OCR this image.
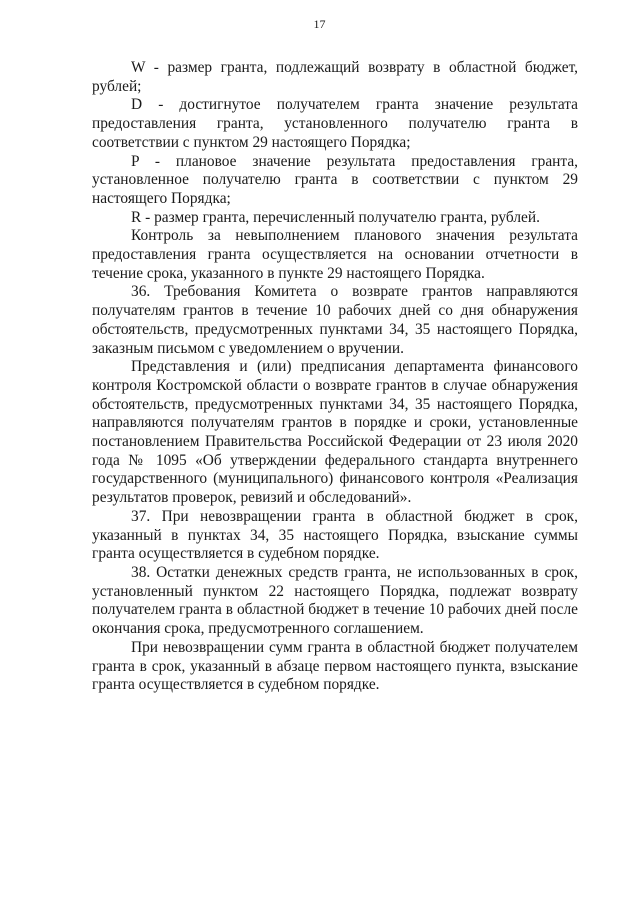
17

W - размер гранта, подлежащий возврату в областной бюджет, рублей;

D - достигнутое получателем гранта значение результата предоставления гранта, установленного получателю гранта в соответствии с пунктом 29 настоящего Порядка;

P - плановое значение результата предоставления гранта, установленное получателю гранта в соответствии с пунктом 29 настоящего Порядка;

R - размер гранта, перечисленный получателю гранта, рублей.

Контроль за невыполнением планового значения результата предоставления гранта осуществляется на основании отчетности в течение срока, указанного в пункте 29 настоящего Порядка.

36. Требования Комитета о возврате грантов направляются получателям грантов в течение 10 рабочих дней со дня обнаружения обстоятельств, предусмотренных пунктами 34, 35 настоящего Порядка, заказным письмом с уведомлением о вручении.

Представления и (или) предписания департамента финансового контроля Костромской области о возврате грантов в случае обнаружения обстоятельств, предусмотренных пунктами 34, 35 настоящего Порядка, направляются получателям грантов в порядке и сроки, установленные постановлением Правительства Российской Федерации от 23 июля 2020 года № 1095 «Об утверждении федерального стандарта внутреннего государственного (муниципального) финансового контроля «Реализация результатов проверок, ревизий и обследований».

37. При невозвращении гранта в областной бюджет в срок, указанный в пунктах 34, 35 настоящего Порядка, взыскание суммы гранта осуществляется в судебном порядке.

38. Остатки денежных средств гранта, не использованных в срок, установленный пунктом 22 настоящего Порядка, подлежат возврату получателем гранта в областной бюджет в течение 10 рабочих дней после окончания срока, предусмотренного соглашением.

При невозвращении сумм гранта в областной бюджет получателем гранта в срок, указанный в абзаце первом настоящего пункта, взыскание гранта осуществляется в судебном порядке.
